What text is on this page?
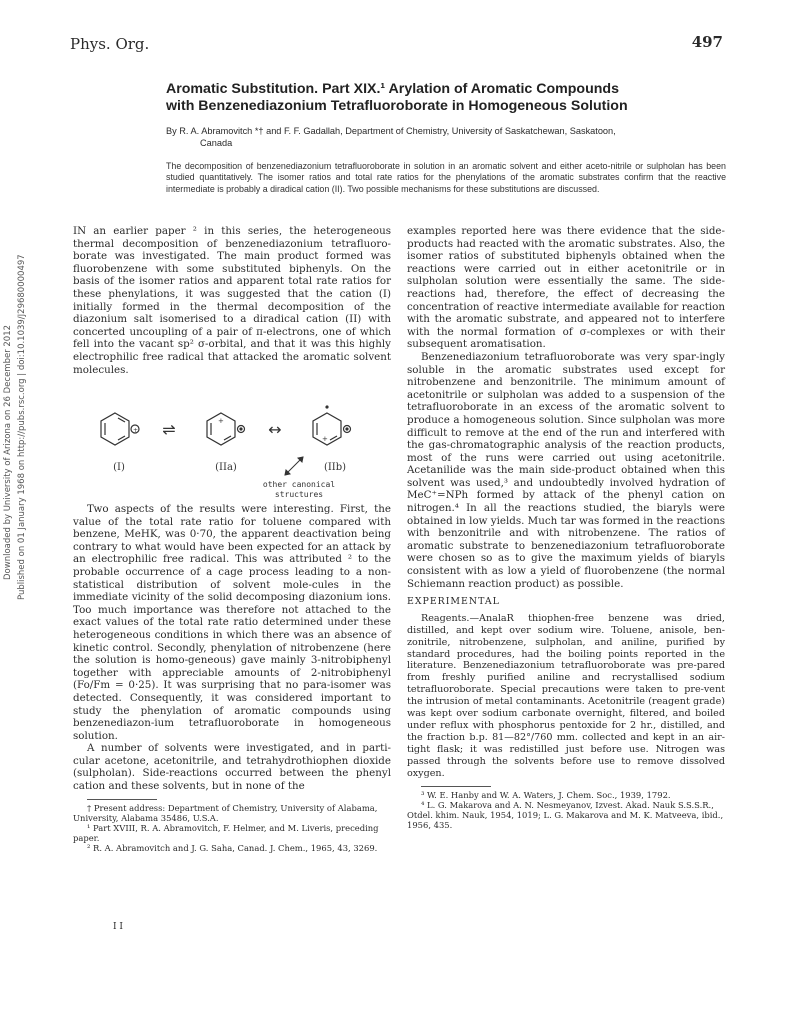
Phys. Org.	497
Downloaded by University of Arizona on 26 December 2012 Published on 01 January 1968 on http://pubs.rsc.org | doi:10.1039/J29680000497
Aromatic Substitution. Part XIX.¹ Arylation of Aromatic Compounds
with Benzenediazonium Tetrafluoroborate in Homogeneous Solution
By R. A. Abramovitch *† and F. F. Gadallah, Department of Chemistry, University of Saskatchewan, Saskatoon,
Canada
The decomposition of benzenediazonium tetrafluoroborate in solution in an aromatic solvent and either aceto-nitrile or sulpholan has been studied quantitatively. The isomer ratios and total rate ratios for the phenylations of the aromatic substrates confirm that the reactive intermediate is probably a diradical cation (II). Two possible mechanisms for these substitutions are discussed.

IN an earlier paper ² in this series, the heterogeneous thermal decomposition of benzenediazonium tetrafluoro-borate was investigated. The main product formed was fluorobenzene with some substituted biphenyls. On the basis of the isomer ratios and apparent total rate ratios for these phenylations, it was suggested that the cation (I) initially formed in the thermal decomposition of the diazonium salt isomerised to a diradical cation (II) with concerted uncoupling of a pair of π-electrons, one of which fell into the vacant sp² σ-orbital, and that it was this highly electrophilic free radical that attacked the aromatic solvent molecules.

+
(I)
⇌	+
(IIa)
↔	+
(IIb)
other canonical
structures

Two aspects of the results were interesting. First, the value of the total rate ratio for toluene compared with benzene, MeHK, was 0·70, the apparent deactivation being contrary to what would have been expected for an attack by an electrophilic free radical. This was attributed ² to the probable occurrence of a cage process leading to a non-statistical distribution of solvent mole-cules in the immediate vicinity of the solid decomposing diazonium ions. Too much importance was therefore not attached to the exact values of the total rate ratio determined under these heterogeneous conditions in which there was an absence of kinetic control. Secondly, phenylation of nitrobenzene (here the solution is homo-geneous) gave mainly 3-nitrobiphenyl together with appreciable amounts of 2-nitrobiphenyl (Fo/Fm = 0·25). It was surprising that no para-isomer was detected. Consequently, it was considered important to study the phenylation of aromatic compounds using benzenediazon-ium tetrafluoroborate in homogeneous solution.

A number of solvents were investigated, and in parti-cular acetone, acetonitrile, and tetrahydrothiophen dioxide (sulpholan). Side-reactions occurred between the phenyl cation and these solvents, but in none of the

† Present address: Department of Chemistry, University of Alabama, University, Alabama 35486, U.S.A.

¹ Part XVIII, R. A. Abramovitch, F. Helmer, and M. Liveris, preceding paper.

² R. A. Abramovitch and J. G. Saha, Canad. J. Chem., 1965, 43, 3269.

I I

examples reported here was there evidence that the side-products had reacted with the aromatic substrates. Also, the isomer ratios of substituted biphenyls obtained when the reactions were carried out in either acetonitrile or in sulpholan solution were essentially the same. The side-reactions had, therefore, the effect of decreasing the concentration of reactive intermediate available for reaction with the aromatic substrate, and appeared not to interfere with the normal formation of σ-complexes or with their subsequent aromatisation.

Benzenediazonium tetrafluoroborate was very spar-ingly soluble in the aromatic substrates used except for nitrobenzene and benzonitrile. The minimum amount of acetonitrile or sulpholan was added to a suspension of the tetrafluoroborate in an excess of the aromatic solvent to produce a homogeneous solution. Since sulpholan was more difficult to remove at the end of the run and interfered with the gas-chromatographic analysis of the reaction products, most of the runs were carried out using acetonitrile. Acetanilide was the main side-product obtained when this solvent was used,³ and undoubtedly involved hydration of MeC⁺=NPh formed by attack of the phenyl cation on nitrogen.⁴ In all the reactions studied, the biaryls were obtained in low yields. Much tar was formed in the reactions with benzonitrile and with nitrobenzene. The ratios of aromatic substrate to benzenediazonium tetrafluoroborate were chosen so as to give the maximum yields of biaryls consistent with as low a yield of fluorobenzene (the normal Schiemann reaction product) as possible.

EXPERIMENTAL

Reagents.—AnalaR thiophen-free benzene was dried, distilled, and kept over sodium wire. Toluene, anisole, ben-zonitrile, nitrobenzene, sulpholan, and aniline, purified by standard procedures, had the boiling points reported in the literature. Benzenediazonium tetrafluoroborate was pre-pared from freshly purified aniline and recrystallised sodium tetrafluoroborate. Special precautions were taken to pre-vent the intrusion of metal contaminants. Acetonitrile (reagent grade) was kept over sodium carbonate overnight, filtered, and boiled under reflux with phosphorus pentoxide for 2 hr., distilled, and the fraction b.p. 81—82°/760 mm. collected and kept in an air-tight flask; it was redistilled just before use. Nitrogen was passed through the solvents before use to remove dissolved oxygen.

³ W. E. Hanby and W. A. Waters, J. Chem. Soc., 1939, 1792.

⁴ L. G. Makarova and A. N. Nesmeyanov, Izvest. Akad. Nauk S.S.S.R., Otdel. khim. Nauk, 1954, 1019; L. G. Makarova and M. K. Matveeva, ibid., 1956, 435.
